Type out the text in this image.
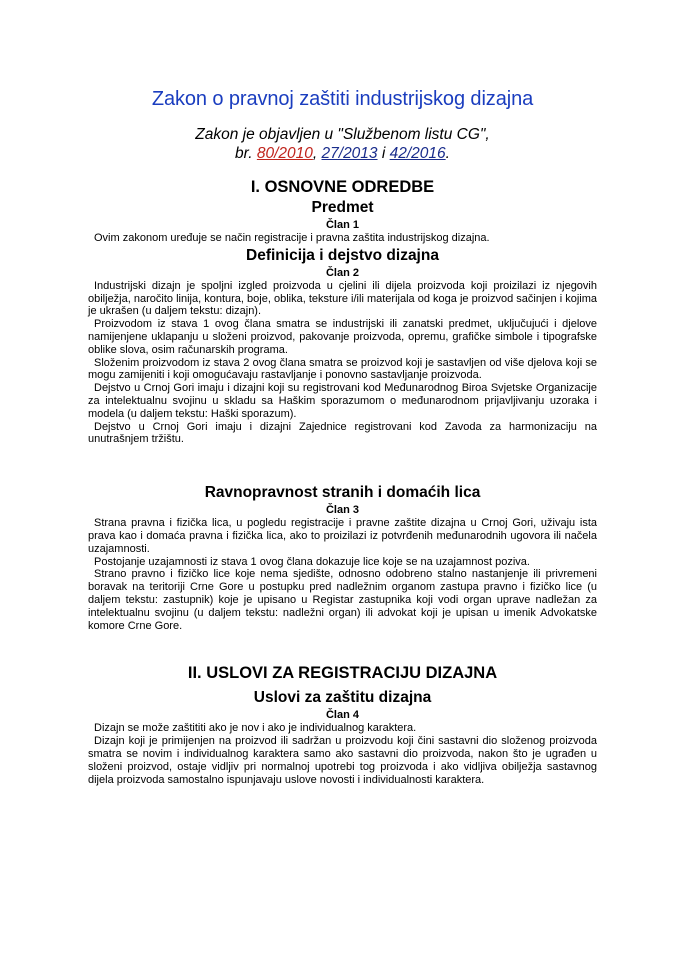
Zakon o pravnoj zaštiti industrijskog dizajna
Zakon je objavljen u "Službenom listu CG",
br. 80/2010, 27/2013 i 42/2016.
I. OSNOVNE ODREDBE
Predmet
Član 1

Ovim zakonom uređuje se način registracije i pravna zaštita industrijskog dizajna.

Definicija i dejstvo dizajna
Član 2

Industrijski dizajn je spoljni izgled proizvoda u cjelini ili dijela proizvoda koji proizilazi iz njegovih obilježja, naročito linija, kontura, boje, oblika, teksture i/ili materijala od koga je proizvod sačinjen i kojima je ukrašen (u daljem tekstu: dizajn).

Proizvodom iz stava 1 ovog člana smatra se industrijski ili zanatski predmet, uključujući i djelove namijenjene uklapanju u složeni proizvod, pakovanje proizvoda, opremu, grafičke simbole i tipografske oblike slova, osim računarskih programa.

Složenim proizvodom iz stava 2 ovog člana smatra se proizvod koji je sastavljen od više djelova koji se mogu zamijeniti i koji omogućavaju rastavljanje i ponovno sastavljanje proizvoda.

Dejstvo u Crnoj Gori imaju i dizajni koji su registrovani kod Međunarodnog Biroa Svjetske Organizacije za intelektualnu svojinu u skladu sa Haškim sporazumom o međunarodnom prijavljivanju uzoraka i modela (u daljem tekstu: Haški sporazum).

Dejstvo u Crnoj Gori imaju i dizajni Zajednice registrovani kod Zavoda za harmonizaciju na unutrašnjem tržištu.

Ravnopravnost stranih i domaćih lica
Član 3

Strana pravna i fizička lica, u pogledu registracije i pravne zaštite dizajna u Crnoj Gori, uživaju ista prava kao i domaća pravna i fizička lica, ako to proizilazi iz potvrđenih međunarodnih ugovora ili načela uzajamnosti.

Postojanje uzajamnosti iz stava 1 ovog člana dokazuje lice koje se na uzajamnost poziva.

Strano pravno i fizičko lice koje nema sjedište, odnosno odobreno stalno nastanjenje ili privremeni boravak na teritoriji Crne Gore u postupku pred nadležnim organom zastupa pravno i fizičko lice (u daljem tekstu: zastupnik) koje je upisano u Registar zastupnika koji vodi organ uprave nadležan za intelektualnu svojinu (u daljem tekstu: nadležni organ) ili advokat koji je upisan u imenik Advokatske komore Crne Gore.

II. USLOVI ZA REGISTRACIJU DIZAJNA
Uslovi za zaštitu dizajna
Član 4

Dizajn se može zaštititi ako je nov i ako je individualnog karaktera.

Dizajn koji je primijenjen na proizvod ili sadržan u proizvodu koji čini sastavni dio složenog proizvoda smatra se novim i individualnog karaktera samo ako sastavni dio proizvoda, nakon što je ugrađen u složeni proizvod, ostaje vidljiv pri normalnoj upotrebi tog proizvoda i ako vidljiva obilježja sastavnog dijela proizvoda samostalno ispunjavaju uslove novosti i individualnosti karaktera.
